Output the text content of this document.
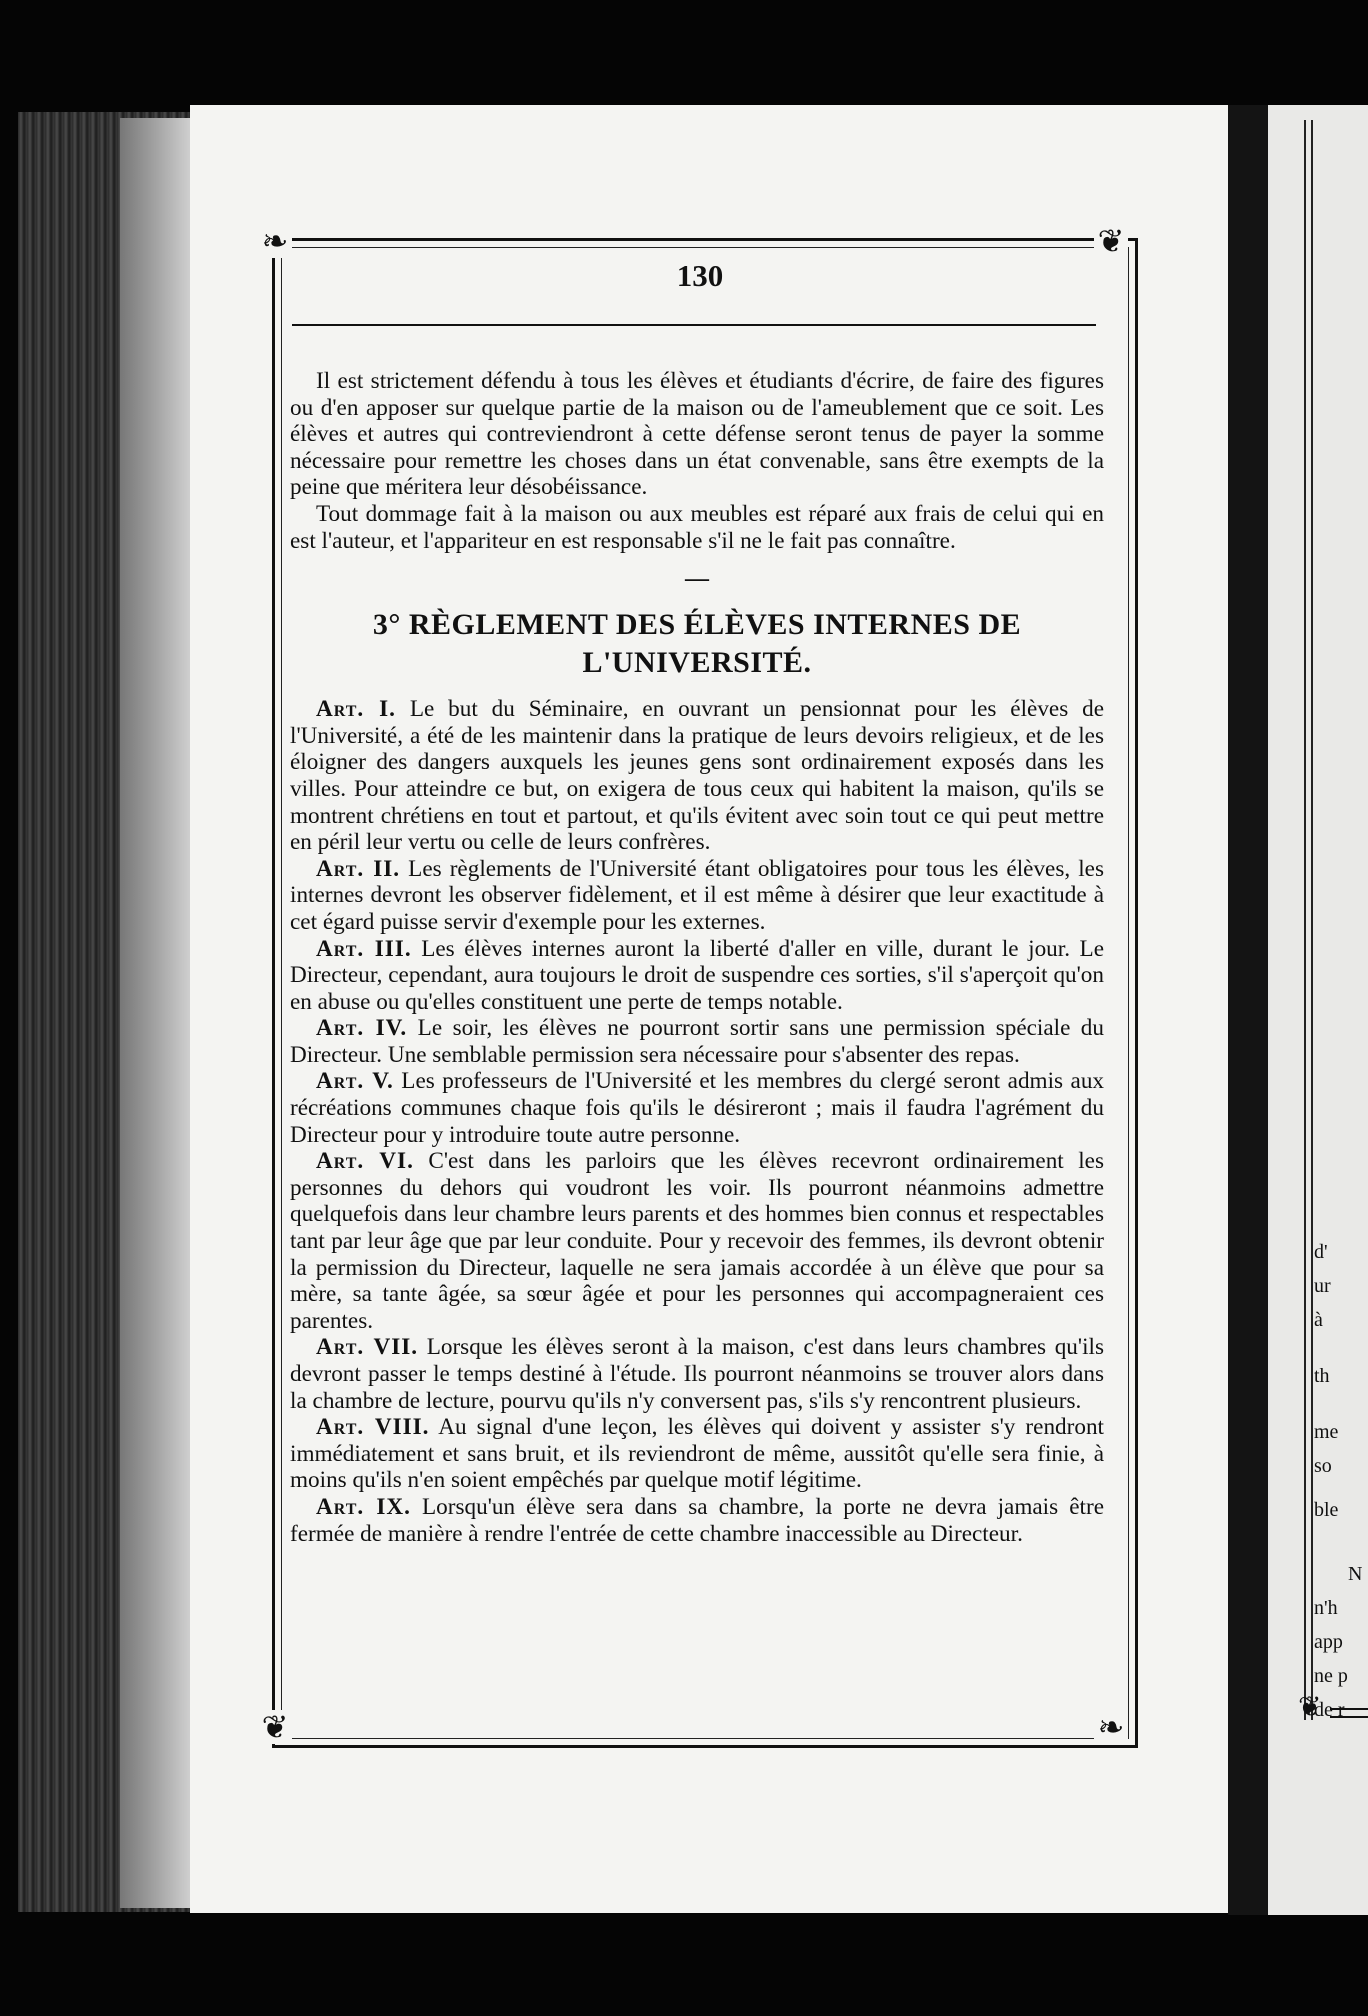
d'
ur
à
th
me
so
ble
N
n'h
app
ne p
de r
❦
❧	❦
❦	❧
130

Il est strictement défendu à tous les élèves et étudiants d'écrire, de faire des figures ou d'en apposer sur quelque partie de la maison ou de l'ameublement que ce soit. Les élèves et autres qui contreviendront à cette défense seront tenus de payer la somme nécessaire pour remettre les choses dans un état convenable, sans être exempts de la peine que méritera leur désobéissance.

Tout dommage fait à la maison ou aux meubles est réparé aux frais de celui qui en est l'auteur, et l'appariteur en est responsable s'il ne le fait pas connaître.

—
3° RÈGLEMENT DES ÉLÈVES INTERNES DE
L'UNIVERSITÉ.

Art. I. Le but du Séminaire, en ouvrant un pensionnat pour les élèves de l'Université, a été de les maintenir dans la pratique de leurs devoirs religieux, et de les éloigner des dangers auxquels les jeunes gens sont ordinairement exposés dans les villes. Pour atteindre ce but, on exigera de tous ceux qui habitent la maison, qu'ils se montrent chrétiens en tout et partout, et qu'ils évitent avec soin tout ce qui peut mettre en péril leur vertu ou celle de leurs confrères.

Art. II. Les règlements de l'Université étant obligatoires pour tous les élèves, les internes devront les observer fidèlement, et il est même à désirer que leur exactitude à cet égard puisse servir d'exemple pour les externes.

Art. III. Les élèves internes auront la liberté d'aller en ville, durant le jour. Le Directeur, cependant, aura toujours le droit de suspendre ces sorties, s'il s'aperçoit qu'on en abuse ou qu'elles constituent une perte de temps notable.

Art. IV. Le soir, les élèves ne pourront sortir sans une permission spéciale du Directeur. Une semblable permission sera nécessaire pour s'absenter des repas.

Art. V. Les professeurs de l'Université et les membres du clergé seront admis aux récréations communes chaque fois qu'ils le désireront ; mais il faudra l'agrément du Directeur pour y introduire toute autre personne.

Art. VI. C'est dans les parloirs que les élèves recevront ordinairement les personnes du dehors qui voudront les voir. Ils pourront néanmoins admettre quelquefois dans leur chambre leurs parents et des hommes bien connus et respectables tant par leur âge que par leur conduite. Pour y recevoir des femmes, ils devront obtenir la permission du Directeur, laquelle ne sera jamais accordée à un élève que pour sa mère, sa tante âgée, sa sœur âgée et pour les personnes qui accompagneraient ces parentes.

Art. VII. Lorsque les élèves seront à la maison, c'est dans leurs chambres qu'ils devront passer le temps destiné à l'étude. Ils pourront néanmoins se trouver alors dans la chambre de lecture, pourvu qu'ils n'y conversent pas, s'ils s'y rencontrent plusieurs.

Art. VIII. Au signal d'une leçon, les élèves qui doivent y assister s'y rendront immédiatement et sans bruit, et ils reviendront de même, aussitôt qu'elle sera finie, à moins qu'ils n'en soient empêchés par quelque motif légitime.

Art. IX. Lorsqu'un élève sera dans sa chambre, la porte ne devra jamais être fermée de manière à rendre l'entrée de cette chambre inaccessible au Directeur.
